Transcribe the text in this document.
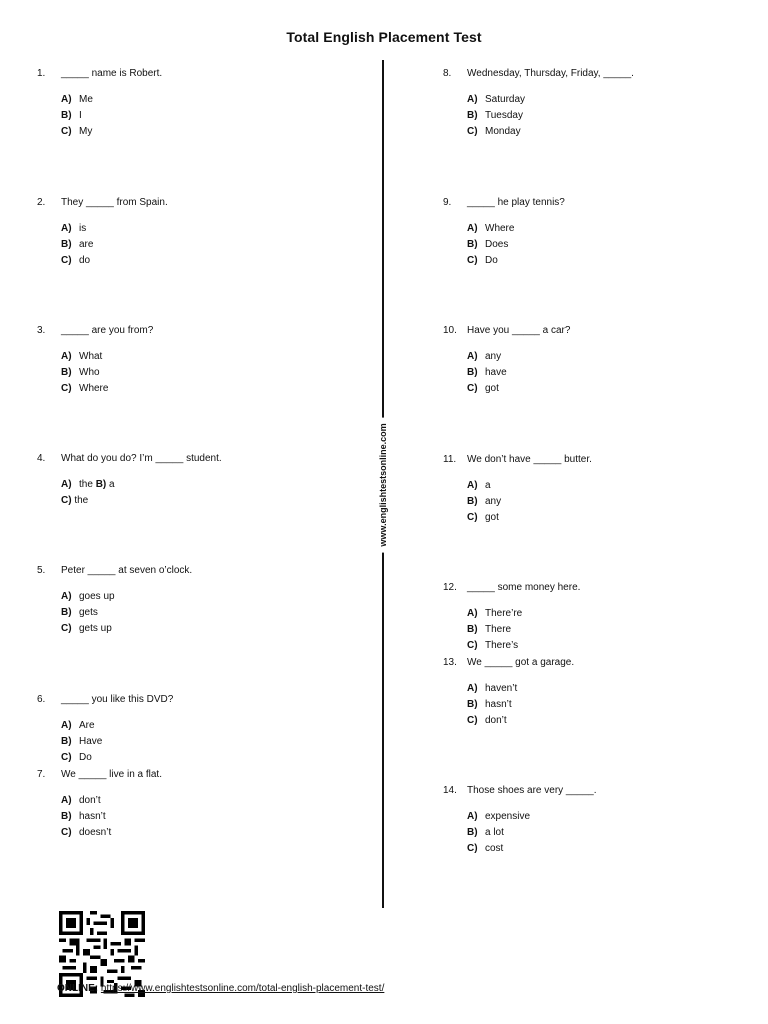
Total English Placement Test
www.englishtestsonline.com
1. _____ name is Robert.
A) Me
B) I
C) My
2. They _____ from Spain.
A) is
B) are
C) do
3. _____ are you from?
A) What
B) Who
C) Where
4. What do you do? I’m _____ student.
A) the B) a
C) the
5. Peter _____ at seven o’clock.
A) goes up
B) gets
C) gets up
6. _____ you like this DVD?
A) Are
B) Have
C) Do
7. We _____ live in a flat.
A) don’t
B) hasn’t
C) doesn’t
8. Wednesday, Thursday, Friday, _____.
A) Saturday
B) Tuesday
C) Monday
9. _____ he play tennis?
A) Where
B) Does
C) Do
10. Have you _____ a car?
A) any
B) have
C) got
11. We don’t have _____ butter.
A) a
B) any
C) got
12. _____ some money here.
A) There’re
B) There
C) There’s
13. We _____ got a garage.
A) haven’t
B) hasn’t
C) don’t
14. Those shoes are very _____.
A) expensive
B) a lot
C) cost
ONLINE: https://www.englishtestsonline.com/total-english-placement-test/
